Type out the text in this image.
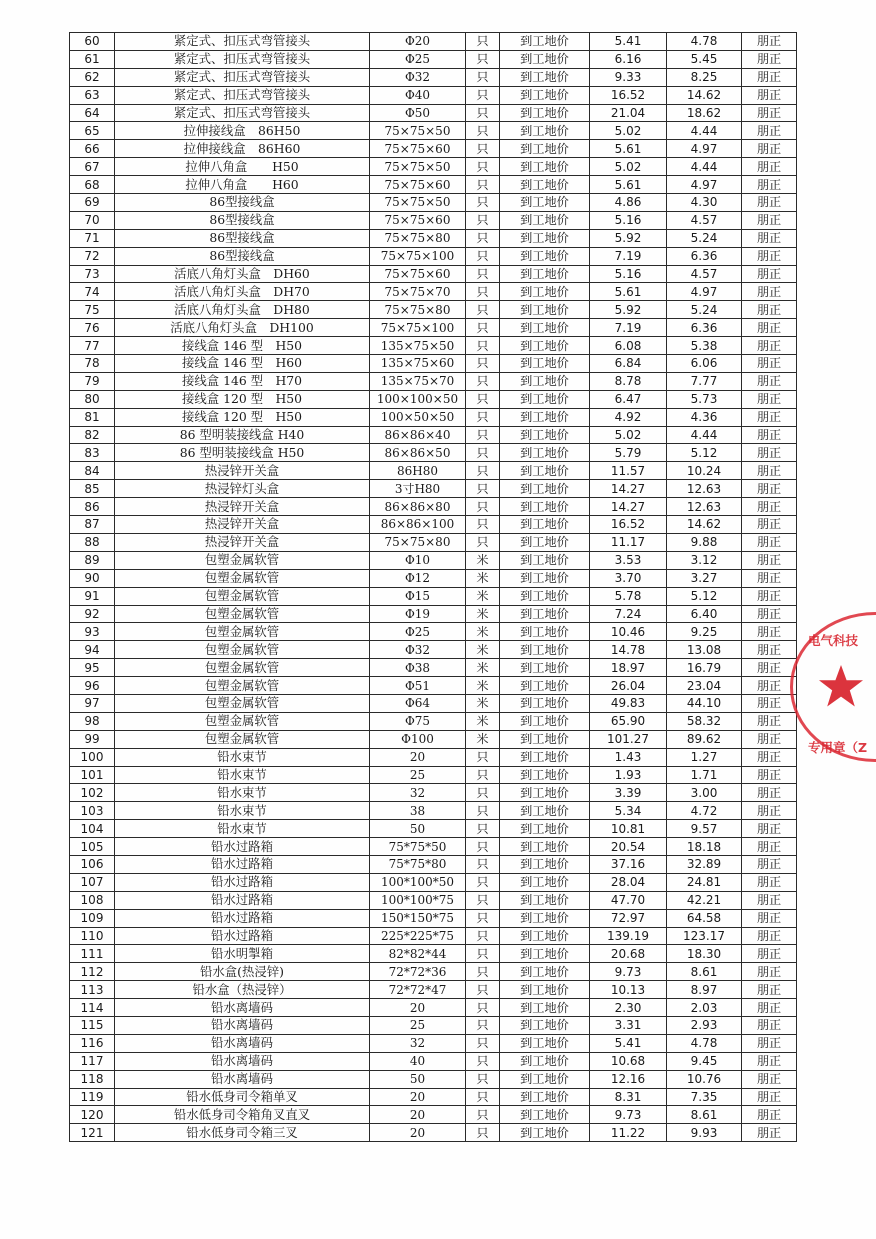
60	紧定式、扣压式弯管接头	Φ20	只	到工地价	5.41	4.78	朋正
61	紧定式、扣压式弯管接头	Φ25	只	到工地价	6.16	5.45	朋正
62	紧定式、扣压式弯管接头	Φ32	只	到工地价	9.33	8.25	朋正
63	紧定式、扣压式弯管接头	Φ40	只	到工地价	16.52	14.62	朋正
64	紧定式、扣压式弯管接头	Φ50	只	到工地价	21.04	18.62	朋正
65	拉伸接线盒　86H50	75×75×50	只	到工地价	5.02	4.44	朋正
66	拉伸接线盒　86H60	75×75×60	只	到工地价	5.61	4.97	朋正
67	拉伸八角盒　　H50	75×75×50	只	到工地价	5.02	4.44	朋正
68	拉伸八角盒　　H60	75×75×60	只	到工地价	5.61	4.97	朋正
69	86型接线盒	75×75×50	只	到工地价	4.86	4.30	朋正
70	86型接线盒	75×75×60	只	到工地价	5.16	4.57	朋正
71	86型接线盒	75×75×80	只	到工地价	5.92	5.24	朋正
72	86型接线盒	75×75×100	只	到工地价	7.19	6.36	朋正
73	活底八角灯头盒　DH60	75×75×60	只	到工地价	5.16	4.57	朋正
74	活底八角灯头盒　DH70	75×75×70	只	到工地价	5.61	4.97	朋正
75	活底八角灯头盒　DH80	75×75×80	只	到工地价	5.92	5.24	朋正
76	活底八角灯头盒　DH100	75×75×100	只	到工地价	7.19	6.36	朋正
77	接线盒 146 型　H50	135×75×50	只	到工地价	6.08	5.38	朋正
78	接线盒 146 型　H60	135×75×60	只	到工地价	6.84	6.06	朋正
79	接线盒 146 型　H70	135×75×70	只	到工地价	8.78	7.77	朋正
80	接线盒 120 型　H50	100×100×50	只	到工地价	6.47	5.73	朋正
81	接线盒 120 型　H50	100×50×50	只	到工地价	4.92	4.36	朋正
82	86 型明装接线盒 H40	86×86×40	只	到工地价	5.02	4.44	朋正
83	86 型明装接线盒 H50	86×86×50	只	到工地价	5.79	5.12	朋正
84	热浸锌开关盒	86H80	只	到工地价	11.57	10.24	朋正
85	热浸锌灯头盒	3寸H80	只	到工地价	14.27	12.63	朋正
86	热浸锌开关盒	86×86×80	只	到工地价	14.27	12.63	朋正
87	热浸锌开关盒	86×86×100	只	到工地价	16.52	14.62	朋正
88	热浸锌开关盒	75×75×80	只	到工地价	11.17	9.88	朋正
89	包塑金属软管	Φ10	米	到工地价	3.53	3.12	朋正
90	包塑金属软管	Φ12	米	到工地价	3.70	3.27	朋正
91	包塑金属软管	Φ15	米	到工地价	5.78	5.12	朋正
92	包塑金属软管	Φ19	米	到工地价	7.24	6.40	朋正
93	包塑金属软管	Φ25	米	到工地价	10.46	9.25	朋正
94	包塑金属软管	Φ32	米	到工地价	14.78	13.08	朋正
95	包塑金属软管	Φ38	米	到工地价	18.97	16.79	朋正
96	包塑金属软管	Φ51	米	到工地价	26.04	23.04	朋正
97	包塑金属软管	Φ64	米	到工地价	49.83	44.10	朋正
98	包塑金属软管	Φ75	米	到工地价	65.90	58.32	朋正
99	包塑金属软管	Φ100	米	到工地价	101.27	89.62	朋正
100	铅水束节	20	只	到工地价	1.43	1.27	朋正
101	铅水束节	25	只	到工地价	1.93	1.71	朋正
102	铅水束节	32	只	到工地价	3.39	3.00	朋正
103	铅水束节	38	只	到工地价	5.34	4.72	朋正
104	铅水束节	50	只	到工地价	10.81	9.57	朋正
105	铅水过路箱	75*75*50	只	到工地价	20.54	18.18	朋正
106	铅水过路箱	75*75*80	只	到工地价	37.16	32.89	朋正
107	铅水过路箱	100*100*50	只	到工地价	28.04	24.81	朋正
108	铅水过路箱	100*100*75	只	到工地价	47.70	42.21	朋正
109	铅水过路箱	150*150*75	只	到工地价	72.97	64.58	朋正
110	铅水过路箱	225*225*75	只	到工地价	139.19	123.17	朋正
111	铅水明掣箱	82*82*44	只	到工地价	20.68	18.30	朋正
112	铅水盒(热浸锌)	72*72*36	只	到工地价	9.73	8.61	朋正
113	铅水盒（热浸锌）	72*72*47	只	到工地价	10.13	8.97	朋正
114	铅水离墙码	20	只	到工地价	2.30	2.03	朋正
115	铅水离墙码	25	只	到工地价	3.31	2.93	朋正
116	铅水离墙码	32	只	到工地价	5.41	4.78	朋正
117	铅水离墙码	40	只	到工地价	10.68	9.45	朋正
118	铅水离墙码	50	只	到工地价	12.16	10.76	朋正
119	铅水低身司令箱单叉	20	只	到工地价	8.31	7.35	朋正
120	铅水低身司令箱角叉直叉	20	只	到工地价	9.73	8.61	朋正
121	铅水低身司令箱三叉	20	只	到工地价	11.22	9.93	朋正
电气科技
专用章（Z
